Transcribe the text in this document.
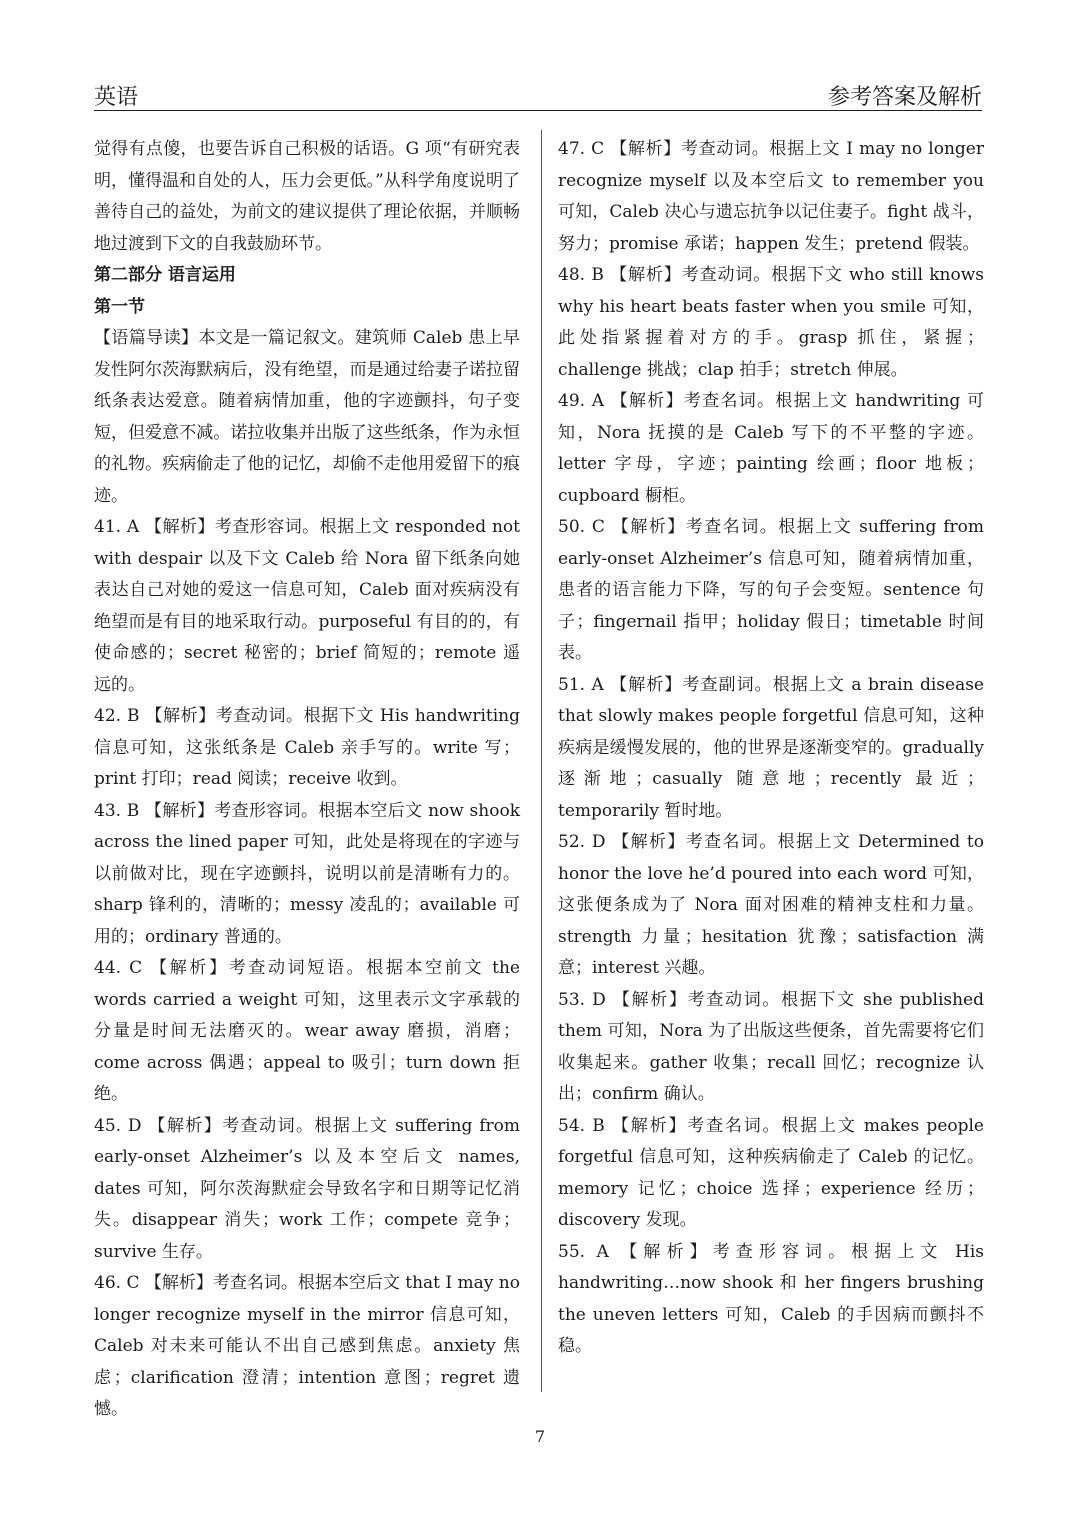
英语	参考答案及解析

觉得有点傻，也要告诉自己积极的话语。G 项“有研究表明，懂得温和自处的人，压力会更低。”从科学角度说明了善待自己的益处，为前文的建议提供了理论依据，并顺畅地过渡到下文的自我鼓励环节。

第二部分 语言运用

第一节

【语篇导读】本文是一篇记叙文。建筑师 Caleb 患上早发性阿尔茨海默病后，没有绝望，而是通过给妻子诺拉留纸条表达爱意。随着病情加重，他的字迹颤抖，句子变短，但爱意不减。诺拉收集并出版了这些纸条，作为永恒的礼物。疾病偷走了他的记忆，却偷不走他用爱留下的痕迹。

41. A 【解析】考查形容词。根据上文 responded not with despair 以及下文 Caleb 给 Nora 留下纸条向她表达自己对她的爱这一信息可知，Caleb 面对疾病没有绝望而是有目的地采取行动。purposeful 有目的的，有使命感的；secret 秘密的；brief 简短的；remote 遥远的。

42. B 【解析】考查动词。根据下文 His handwriting 信息可知，这张纸条是 Caleb 亲手写的。write 写；print 打印；read 阅读；receive 收到。

43. B 【解析】考查形容词。根据本空后文 now shook across the lined paper 可知，此处是将现在的字迹与以前做对比，现在字迹颤抖，说明以前是清晰有力的。sharp 锋利的，清晰的；messy 凌乱的；available 可用的；ordinary 普通的。

44. C 【解析】考查动词短语。根据本空前文 the words carried a weight 可知，这里表示文字承载的分量是时间无法磨灭的。wear away 磨损，消磨；come across 偶遇；appeal to 吸引；turn down 拒绝。

45. D 【解析】考查动词。根据上文 suffering from early-onset Alzheimer’s 以及本空后文 names, dates 可知，阿尔茨海默症会导致名字和日期等记忆消失。disappear 消失；work 工作；compete 竞争；survive 生存。

46. C 【解析】考查名词。根据本空后文 that I may no longer recognize myself in the mirror 信息可知，Caleb 对未来可能认不出自己感到焦虑。anxiety 焦虑；clarification 澄清；intention 意图；regret 遗憾。

47. C 【解析】考查动词。根据上文 I may no longer recognize myself 以及本空后文 to remember you 可知，Caleb 决心与遗忘抗争以记住妻子。fight 战斗，努力；promise 承诺；happen 发生；pretend 假装。

48. B 【解析】考查动词。根据下文 who still knows why his heart beats faster when you smile 可知，此处指紧握着对方的手。grasp 抓住，紧握；challenge 挑战；clap 拍手；stretch 伸展。

49. A 【解析】考查名词。根据上文 handwriting 可知，Nora 抚摸的是 Caleb 写下的不平整的字迹。letter 字母，字迹；painting 绘画；floor 地板；cupboard 橱柜。

50. C 【解析】考查名词。根据上文 suffering from early-onset Alzheimer’s 信息可知，随着病情加重，患者的语言能力下降，写的句子会变短。sentence 句子；fingernail 指甲；holiday 假日；timetable 时间表。

51. A 【解析】考查副词。根据上文 a brain disease that slowly makes people forgetful 信息可知，这种疾病是缓慢发展的，他的世界是逐渐变窄的。gradually 逐渐地；casually 随意地；recently 最近；temporarily 暂时地。

52. D 【解析】考查名词。根据上文 Determined to honor the love he’d poured into each word 可知，这张便条成为了 Nora 面对困难的精神支柱和力量。strength 力量；hesitation 犹豫；satisfaction 满意；interest 兴趣。

53. D 【解析】考查动词。根据下文 she published them 可知，Nora 为了出版这些便条，首先需要将它们收集起来。gather 收集；recall 回忆；recognize 认出；confirm 确认。

54. B 【解析】考查名词。根据上文 makes people forgetful 信息可知，这种疾病偷走了 Caleb 的记忆。memory 记忆；choice 选择；experience 经历；discovery 发现。

55. A 【解析】考查形容词。根据上文 His handwriting…now shook 和 her fingers brushing the uneven letters 可知，Caleb 的手因病而颤抖不稳。

7
